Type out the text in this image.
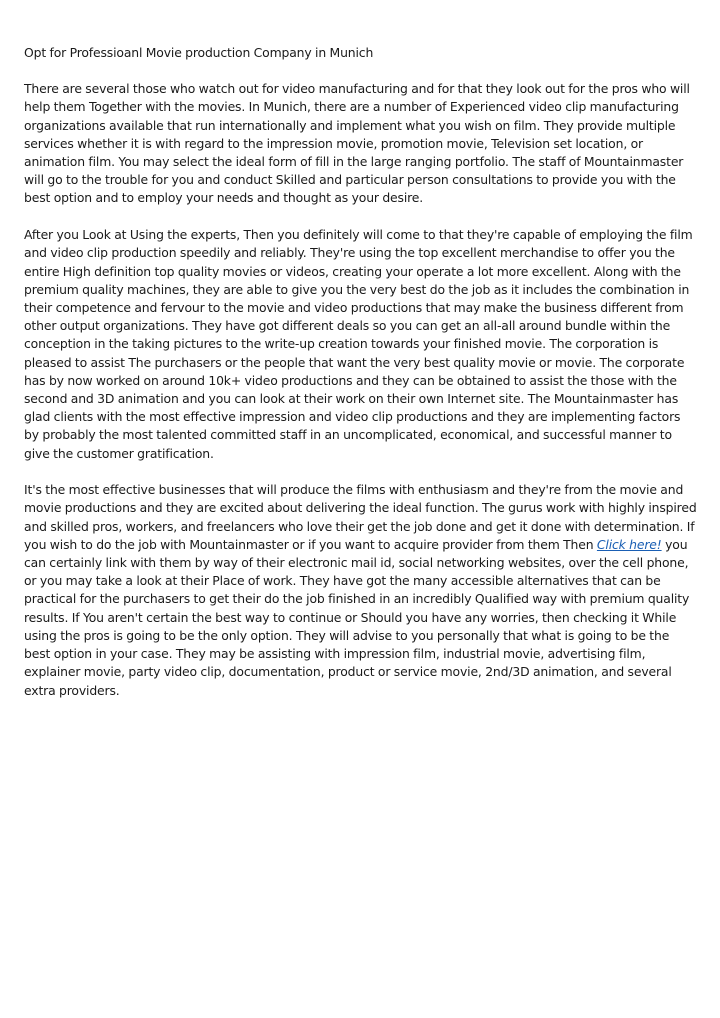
Opt for Professioanl Movie production Company in Munich

There are several those who watch out for video manufacturing and for that they look out for the pros who will help them Together with the movies. In Munich, there are a number of Experienced video clip manufacturing organizations available that run internationally and implement what you wish on film. They provide multiple services whether it is with regard to the impression movie, promotion movie, Television set location, or animation film. You may select the ideal form of fill in the large ranging portfolio. The staff of Mountainmaster will go to the trouble for you and conduct Skilled and particular person consultations to provide you with the best option and to employ your needs and thought as your desire.

After you Look at Using the experts, Then you definitely will come to that they're capable of employing the film and video clip production speedily and reliably. They're using the top excellent merchandise to offer you the entire High definition top quality movies or videos, creating your operate a lot more excellent. Along with the premium quality machines, they are able to give you the very best do the job as it includes the combination in their competence and fervour to the movie and video productions that may make the business different from other output organizations. They have got different deals so you can get an all-all around bundle within the conception in the taking pictures to the write-up creation towards your finished movie. The corporation is pleased to assist The purchasers or the people that want the very best quality movie or movie. The corporate has by now worked on around 10k+ video productions and they can be obtained to assist the those with the second and 3D animation and you can look at their work on their own Internet site. The Mountainmaster has glad clients with the most effective impression and video clip productions and they are implementing factors by probably the most talented committed staff in an uncomplicated, economical, and successful manner to give the customer gratification.

It's the most effective businesses that will produce the films with enthusiasm and they're from the movie and movie productions and they are excited about delivering the ideal function. The gurus work with highly inspired and skilled pros, workers, and freelancers who love their get the job done and get it done with determination. If you wish to do the job with Mountainmaster or if you want to acquire provider from them Then Click here! you can certainly link with them by way of their electronic mail id, social networking websites, over the cell phone, or you may take a look at their Place of work. They have got the many accessible alternatives that can be practical for the purchasers to get their do the job finished in an incredibly Qualified way with premium quality results. If You aren't certain the best way to continue or Should you have any worries, then checking it While using the pros is going to be the only option. They will advise to you personally that what is going to be the best option in your case. They may be assisting with impression film, industrial movie, advertising film, explainer movie, party video clip, documentation, product or service movie, 2nd/3D animation, and several extra providers.
